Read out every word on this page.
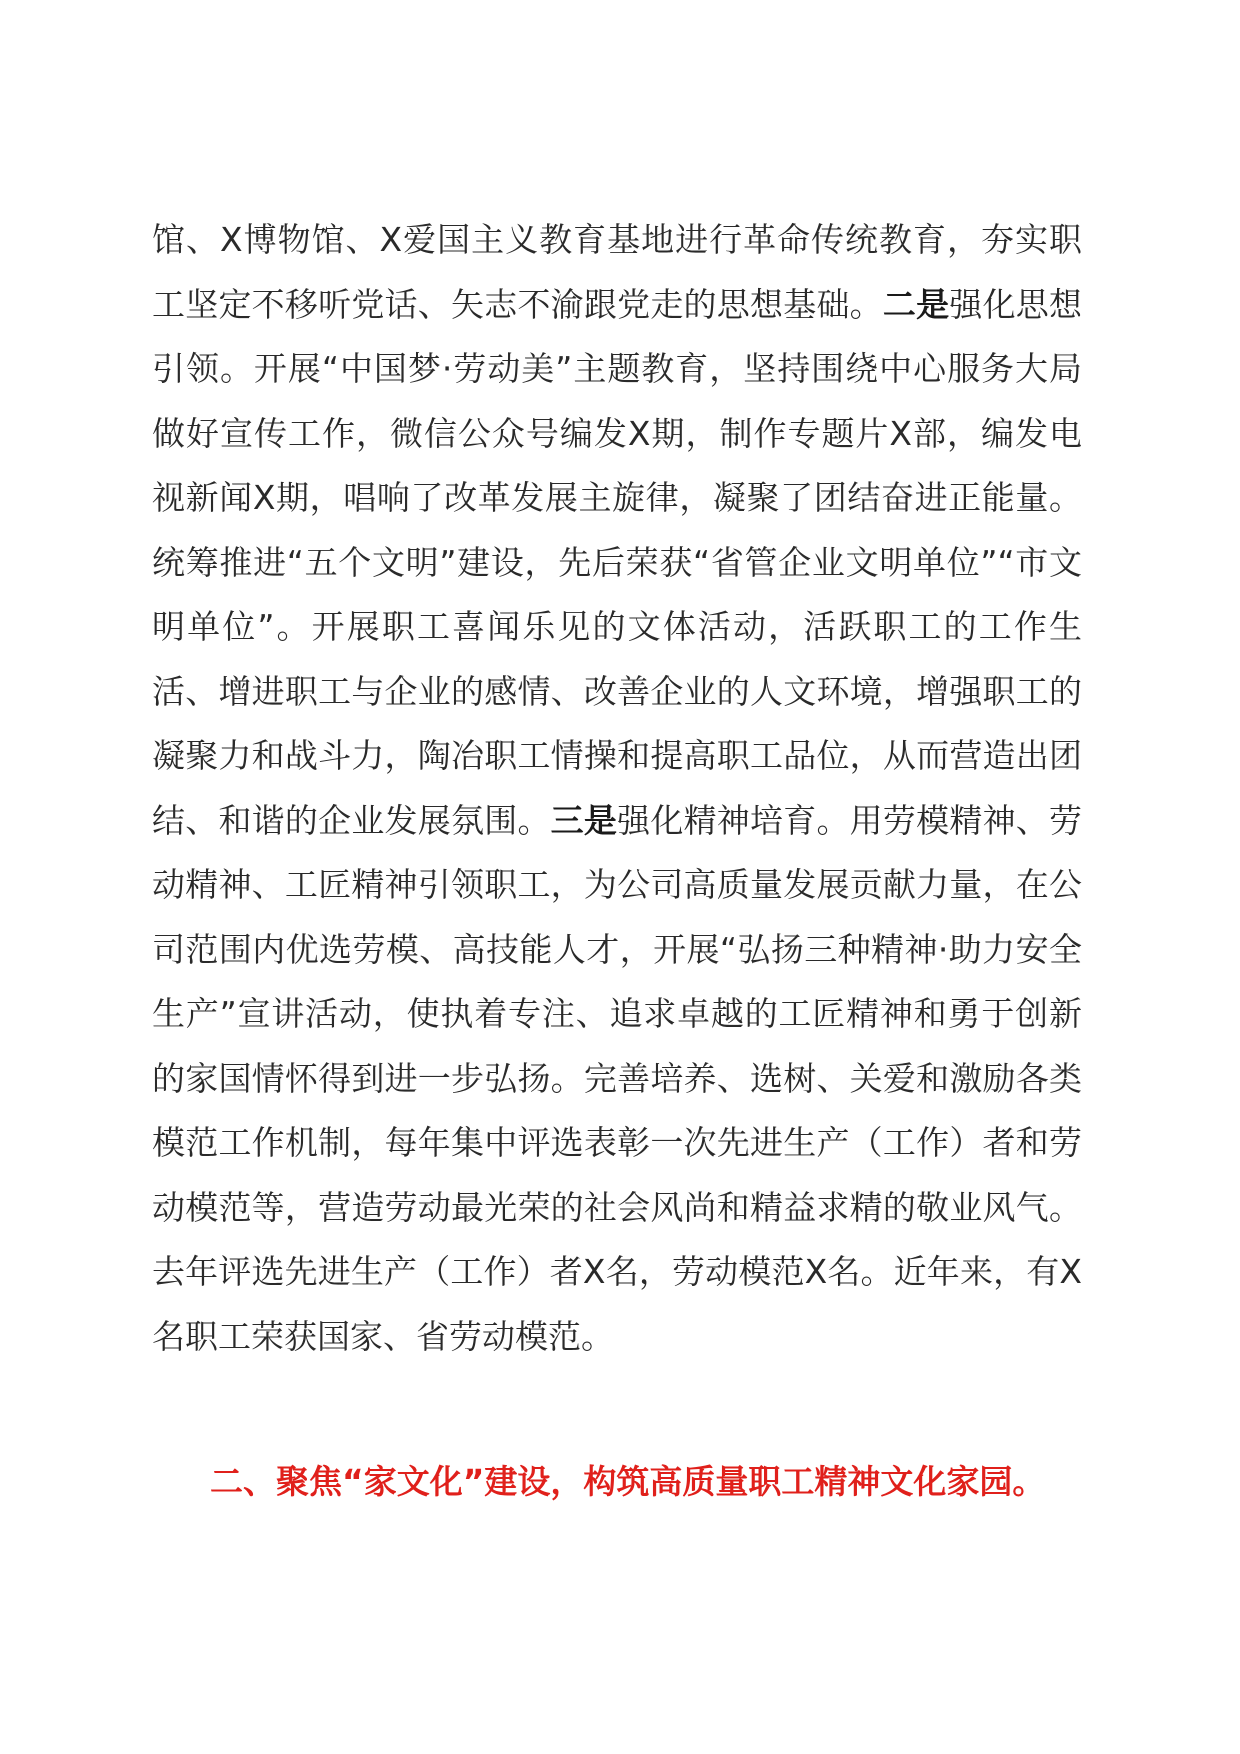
馆、X博物馆、X爱国主义教育基地进行革命传统教育，夯实职工坚定不移听党话、矢志不渝跟党走的思想基础。二是强化思想引领。开展“中国梦·劳动美”主题教育，坚持围绕中心服务大局做好宣传工作，微信公众号编发X期，制作专题片X部，编发电视新闻X期，唱响了改革发展主旋律，凝聚了团结奋进正能量。统筹推进“五个文明”建设，先后荣获“省管企业文明单位”“市文明单位”。开展职工喜闻乐见的文体活动，活跃职工的工作生活、增进职工与企业的感情、改善企业的人文环境，增强职工的凝聚力和战斗力，陶冶职工情操和提高职工品位，从而营造出团结、和谐的企业发展氛围。三是强化精神培育。用劳模精神、劳动精神、工匠精神引领职工，为公司高质量发展贡献力量，在公司范围内优选劳模、高技能人才，开展“弘扬三种精神·助力安全生产”宣讲活动，使执着专注、追求卓越的工匠精神和勇于创新的家国情怀得到进一步弘扬。完善培养、选树、关爱和激励各类模范工作机制，每年集中评选表彰一次先进生产（工作）者和劳动模范等，营造劳动最光荣的社会风尚和精益求精的敬业风气。去年评选先进生产（工作）者X名，劳动模范X名。近年来，有X名职工荣获国家、省劳动模范。

二、聚焦“家文化”建设，构筑高质量职工精神文化家园。
